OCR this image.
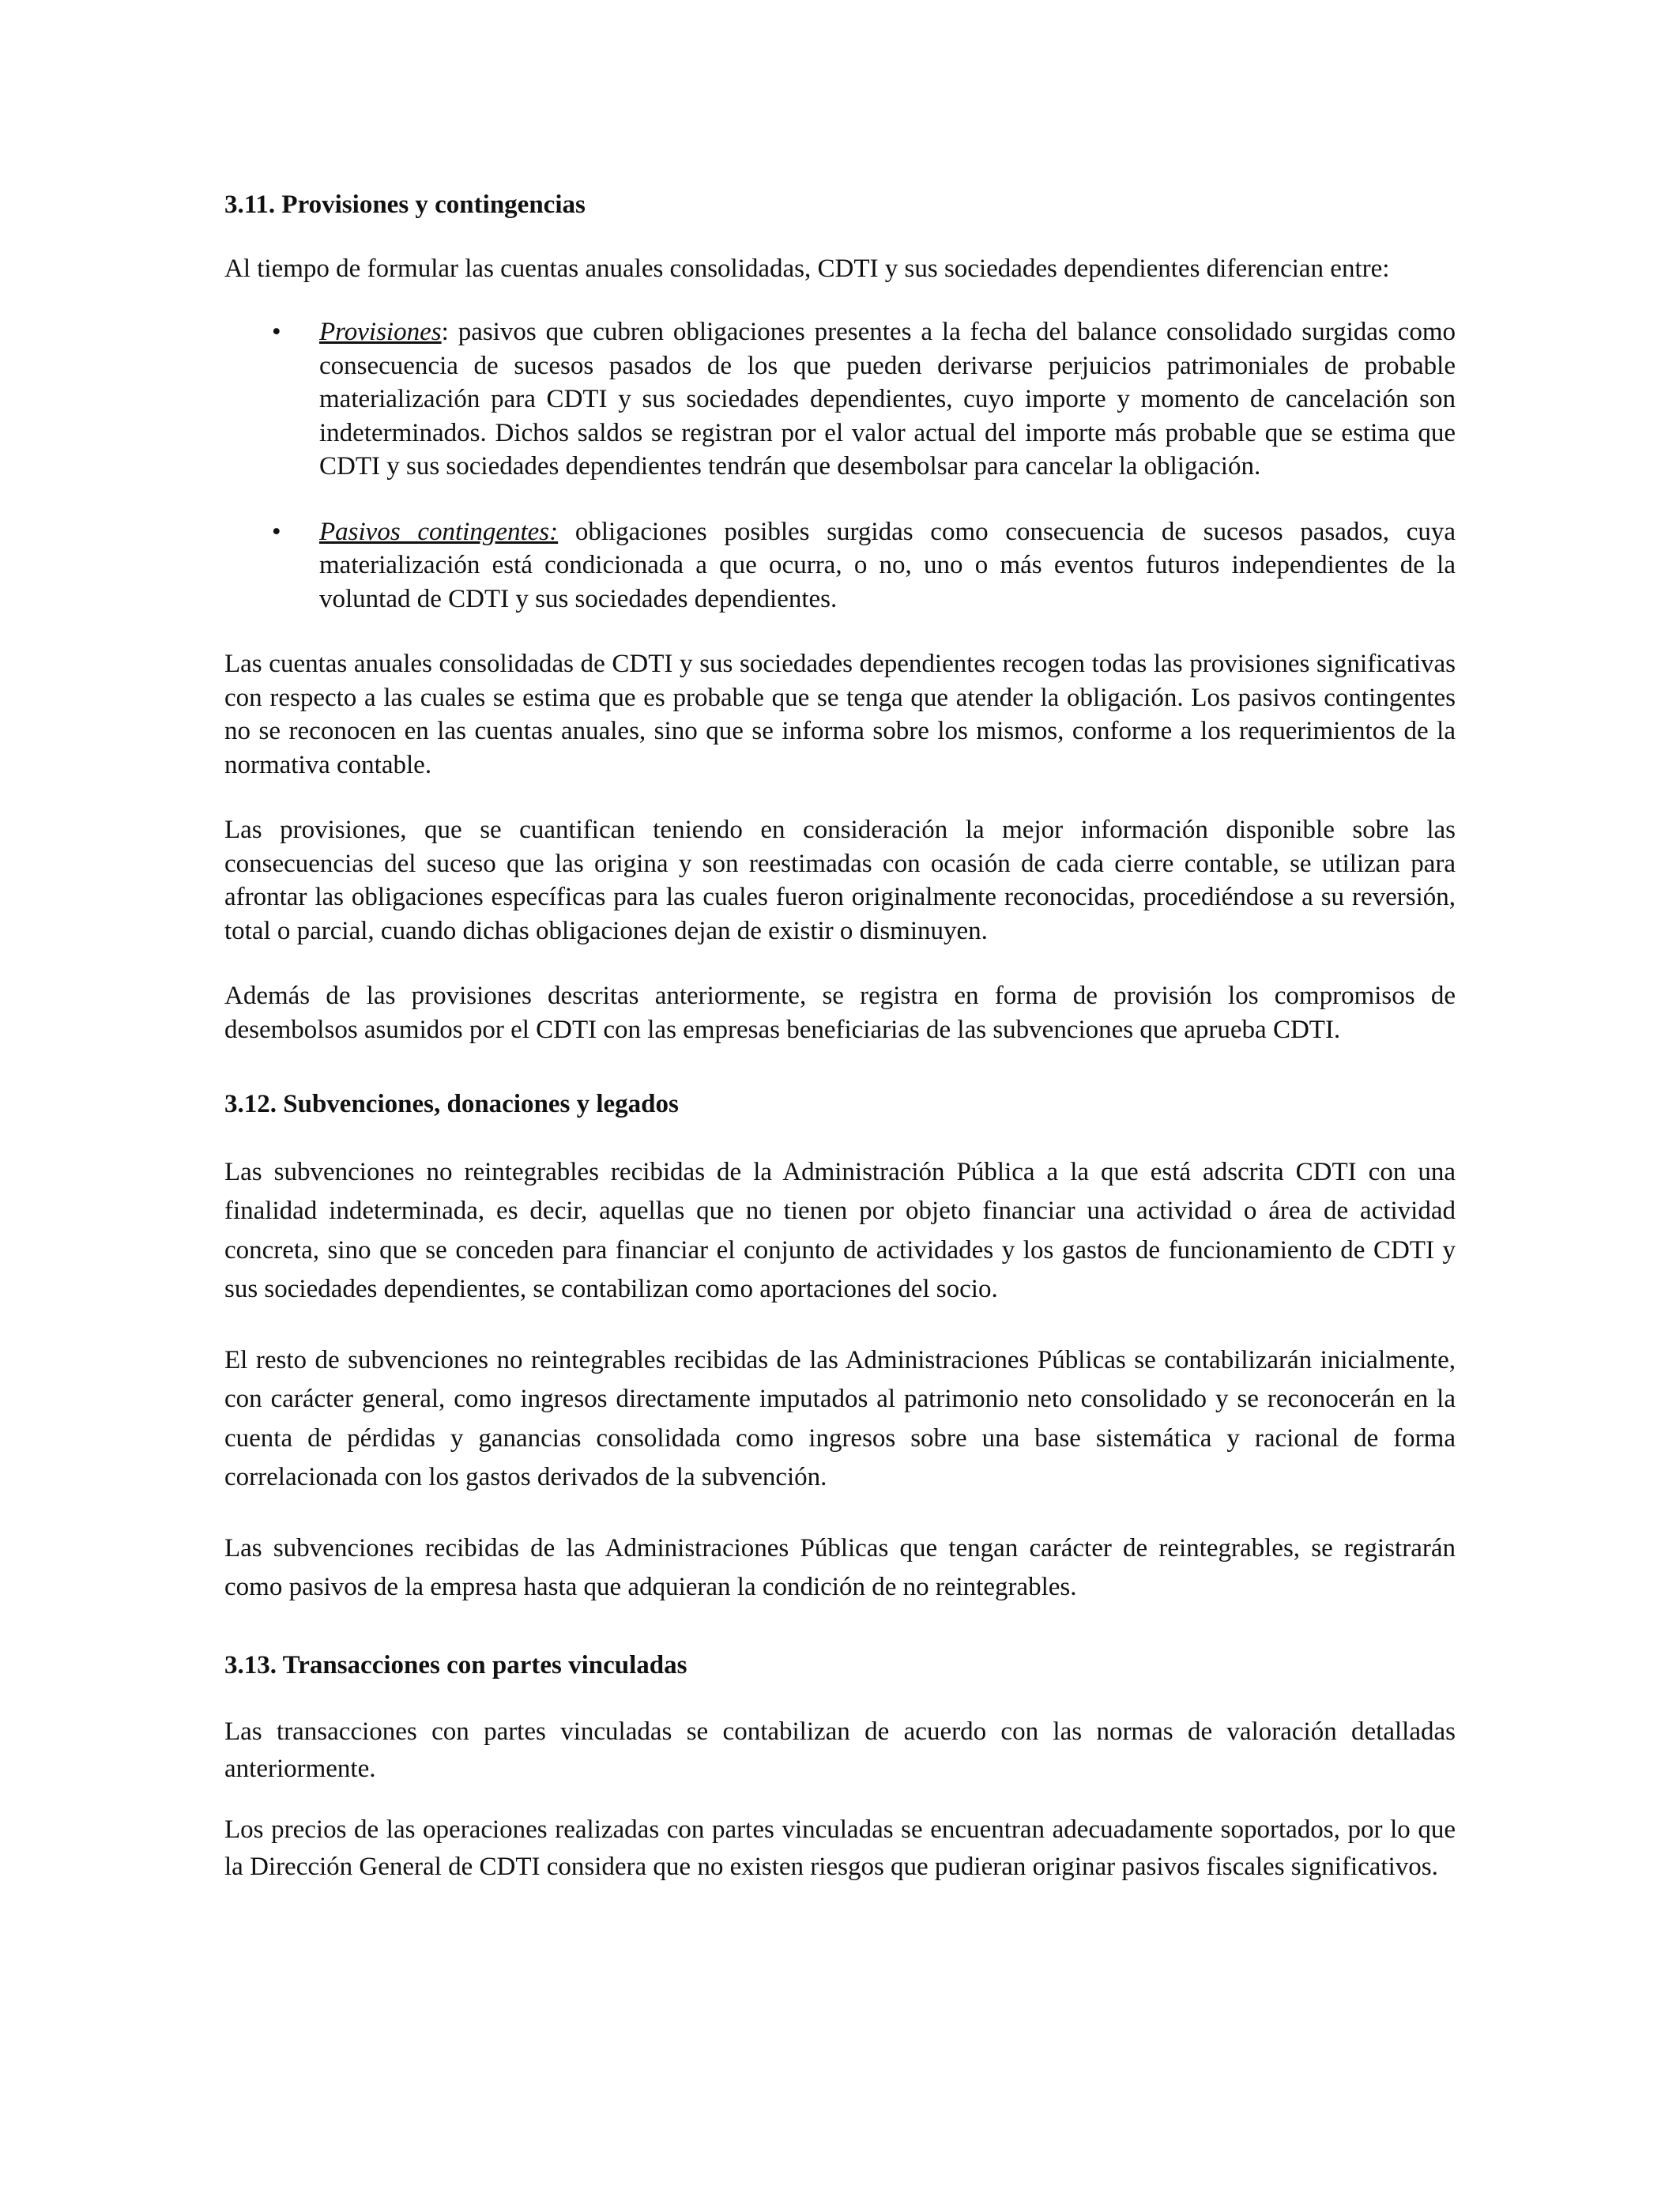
3.11. Provisiones y contingencias

Al tiempo de formular las cuentas anuales consolidadas, CDTI y sus sociedades dependientes diferencian entre:

•	Provisiones: pasivos que cubren obligaciones presentes a la fecha del balance consolidado surgidas como consecuencia de sucesos pasados de los que pueden derivarse perjuicios patrimoniales de probable materialización para CDTI y sus sociedades dependientes, cuyo importe y momento de cancelación son indeterminados. Dichos saldos se registran por el valor actual del importe más probable que se estima que CDTI y sus sociedades dependientes tendrán que desembolsar para cancelar la obligación.
•	Pasivos contingentes: obligaciones posibles surgidas como consecuencia de sucesos pasados, cuya materialización está condicionada a que ocurra, o no, uno o más eventos futuros independientes de la voluntad de CDTI y sus sociedades dependientes.

Las cuentas anuales consolidadas de CDTI y sus sociedades dependientes recogen todas las provisiones significativas con respecto a las cuales se estima que es probable que se tenga que atender la obligación. Los pasivos contingentes no se reconocen en las cuentas anuales, sino que se informa sobre los mismos, conforme a los requerimientos de la normativa contable.

Las provisiones, que se cuantifican teniendo en consideración la mejor información disponible sobre las consecuencias del suceso que las origina y son reestimadas con ocasión de cada cierre contable, se utilizan para afrontar las obligaciones específicas para las cuales fueron originalmente reconocidas, procediéndose a su reversión, total o parcial, cuando dichas obligaciones dejan de existir o disminuyen.

Además de las provisiones descritas anteriormente, se registra en forma de provisión los compromisos de desembolsos asumidos por el CDTI con las empresas beneficiarias de las subvenciones que aprueba CDTI.

3.12. Subvenciones, donaciones y legados

Las subvenciones no reintegrables recibidas de la Administración Pública a la que está adscrita CDTI con una finalidad indeterminada, es decir, aquellas que no tienen por objeto financiar una actividad o área de actividad concreta, sino que se conceden para financiar el conjunto de actividades y los gastos de funcionamiento de CDTI y sus sociedades dependientes, se contabilizan como aportaciones del socio.

El resto de subvenciones no reintegrables recibidas de las Administraciones Públicas se contabilizarán inicialmente, con carácter general, como ingresos directamente imputados al patrimonio neto consolidado y se reconocerán en la cuenta de pérdidas y ganancias consolidada como ingresos sobre una base sistemática y racional de forma correlacionada con los gastos derivados de la subvención.

Las subvenciones recibidas de las Administraciones Públicas que tengan carácter de reintegrables, se registrarán como pasivos de la empresa hasta que adquieran la condición de no reintegrables.

3.13. Transacciones con partes vinculadas

Las transacciones con partes vinculadas se contabilizan de acuerdo con las normas de valoración detalladas anteriormente.

Los precios de las operaciones realizadas con partes vinculadas se encuentran adecuadamente soportados, por lo que la Dirección General de CDTI considera que no existen riesgos que pudieran originar pasivos fiscales significativos.
